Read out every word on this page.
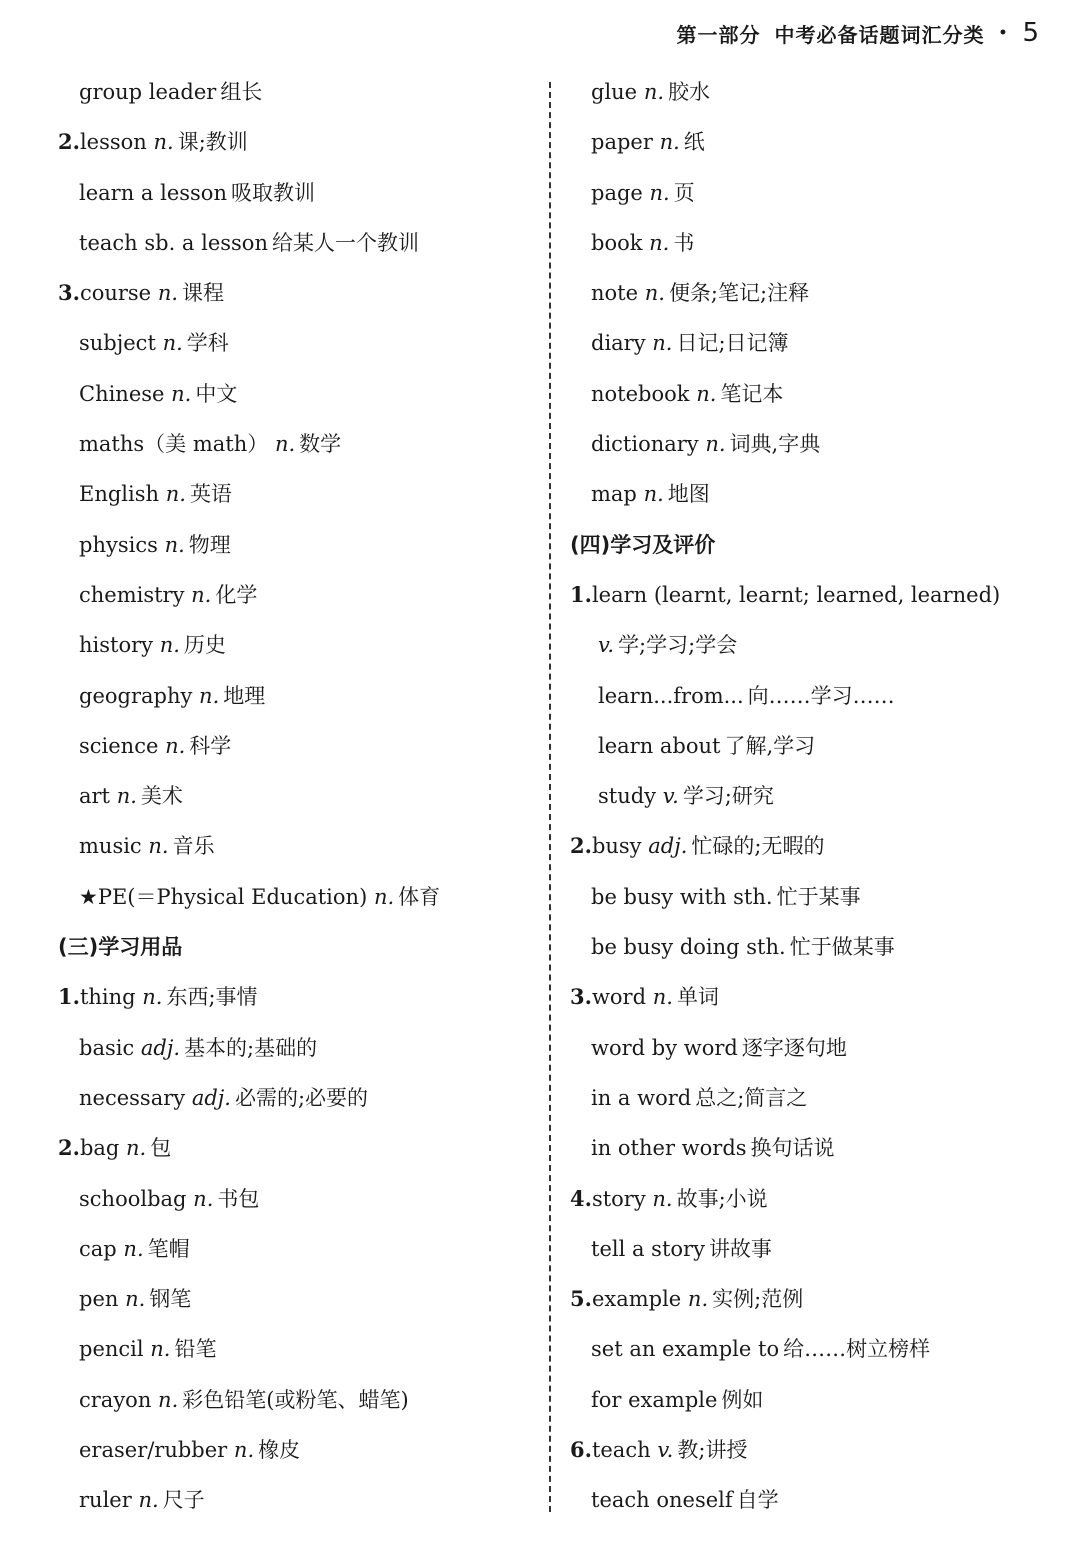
第一部分 中考必备话题词汇分类 • 5
group leader 组长
2.lesson n. 课;教训
learn a lesson 吸取教训
teach sb. a lesson 给某人一个教训
3.course n. 课程
subject n. 学科
Chinese n. 中文
maths（美 math） n. 数学
English n. 英语
physics n. 物理
chemistry n. 化学
history n. 历史
geography n. 地理
science n. 科学
art n. 美术
music n. 音乐
★PE(＝Physical Education) n. 体育
(三)学习用品
1.thing n. 东西;事情
basic adj. 基本的;基础的
necessary adj. 必需的;必要的
2.bag n. 包
schoolbag n. 书包
cap n. 笔帽
pen n. 钢笔
pencil n. 铅笔
crayon n. 彩色铅笔(或粉笔、蜡笔)
eraser/rubber n. 橡皮
ruler n. 尺子
glue n. 胶水
paper n. 纸
page n. 页
book n. 书
note n. 便条;笔记;注释
diary n. 日记;日记簿
notebook n. 笔记本
dictionary n. 词典,字典
map n. 地图
(四)学习及评价
1.learn (learnt, learnt; learned, learned)
v. 学;学习;学会
learn...from... 向……学习……
learn about 了解,学习
study v. 学习;研究
2.busy adj. 忙碌的;无暇的
be busy with sth. 忙于某事
be busy doing sth. 忙于做某事
3.word n. 单词
word by word 逐字逐句地
in a word 总之;简言之
in other words 换句话说
4.story n. 故事;小说
tell a story 讲故事
5.example n. 实例;范例
set an example to 给……树立榜样
for example 例如
6.teach v. 教;讲授
teach oneself 自学
